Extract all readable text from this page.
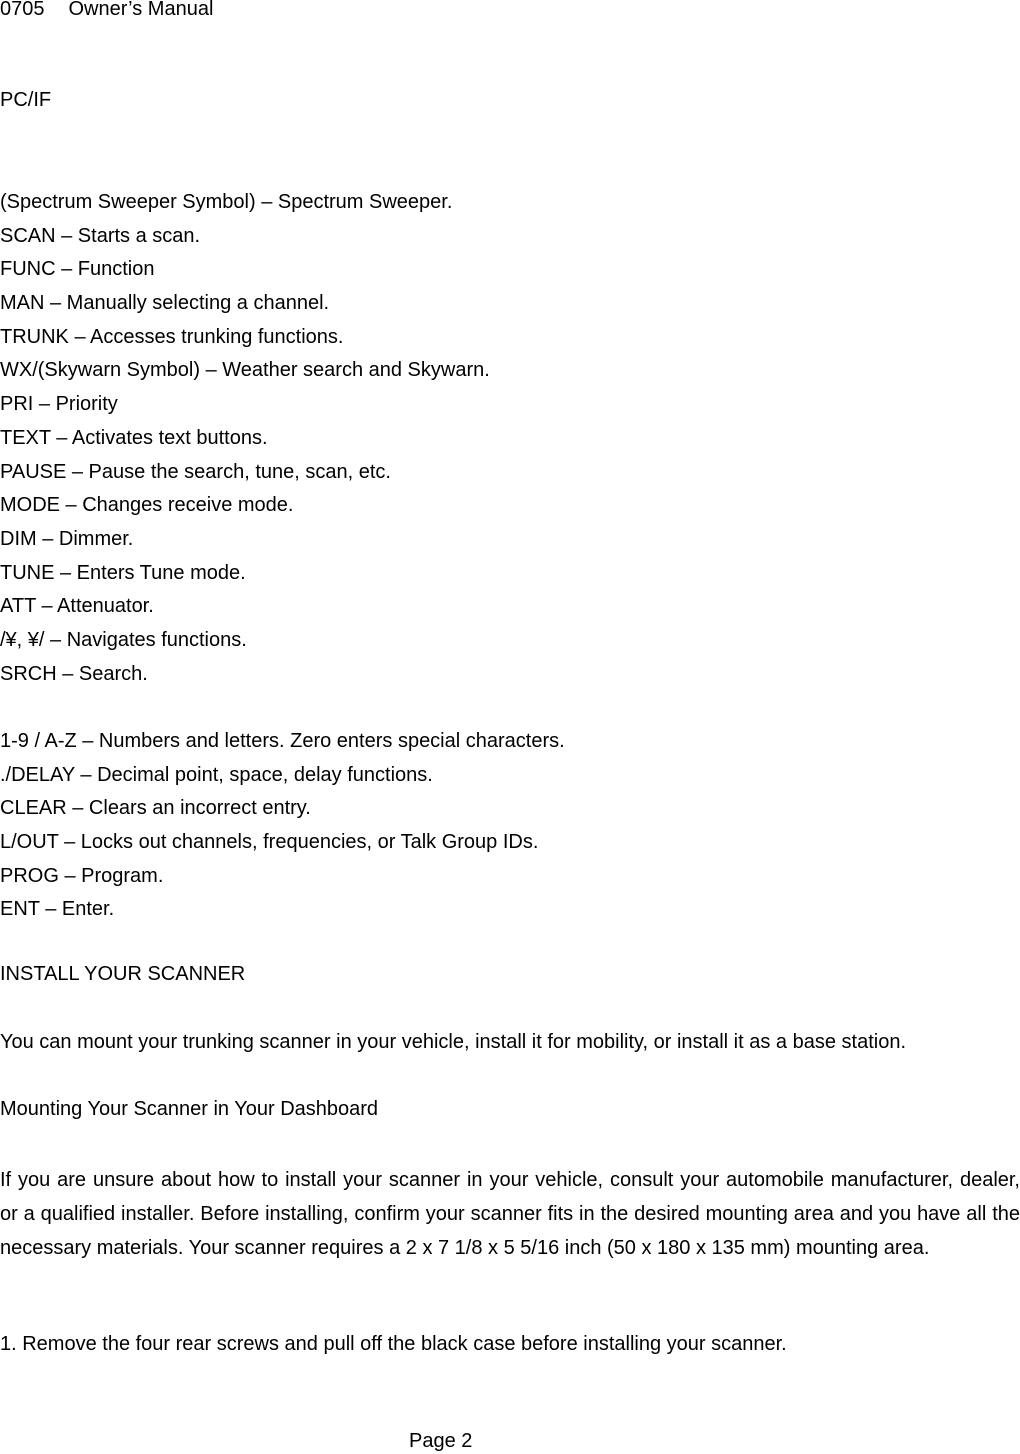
0705 Owner’s Manual
PC/IF
(Spectrum Sweeper Symbol) – Spectrum Sweeper.
SCAN – Starts a scan.
FUNC – Function
MAN – Manually selecting a channel.
TRUNK – Accesses trunking functions.
WX/(Skywarn Symbol) – Weather search and Skywarn.
PRI – Priority
TEXT – Activates text buttons.
PAUSE – Pause the search, tune, scan, etc.
MODE – Changes receive mode.
DIM – Dimmer.
TUNE – Enters Tune mode.
ATT – Attenuator.
/¥, ¥/ – Navigates functions.
SRCH – Search.
1-9 / A-Z – Numbers and letters. Zero enters special characters.
./DELAY – Decimal point, space, delay functions.
CLEAR – Clears an incorrect entry.
L/OUT – Locks out channels, frequencies, or Talk Group IDs.
PROG – Program.
ENT – Enter.
INSTALL YOUR SCANNER
You can mount your trunking scanner in your vehicle, install it for mobility, or install it as a base station.
Mounting Your Scanner in Your Dashboard
If you are unsure about how to install your scanner in your vehicle, consult your automobile manufacturer, dealer, or a qualified installer. Before installing, confirm your scanner fits in the desired mounting area and you have all the necessary materials. Your scanner requires a 2 x 7 1/8 x 5 5/16 inch (50 x 180 x 135 mm) mounting area.
1. Remove the four rear screws and pull off the black case before installing your scanner.
Page 2
